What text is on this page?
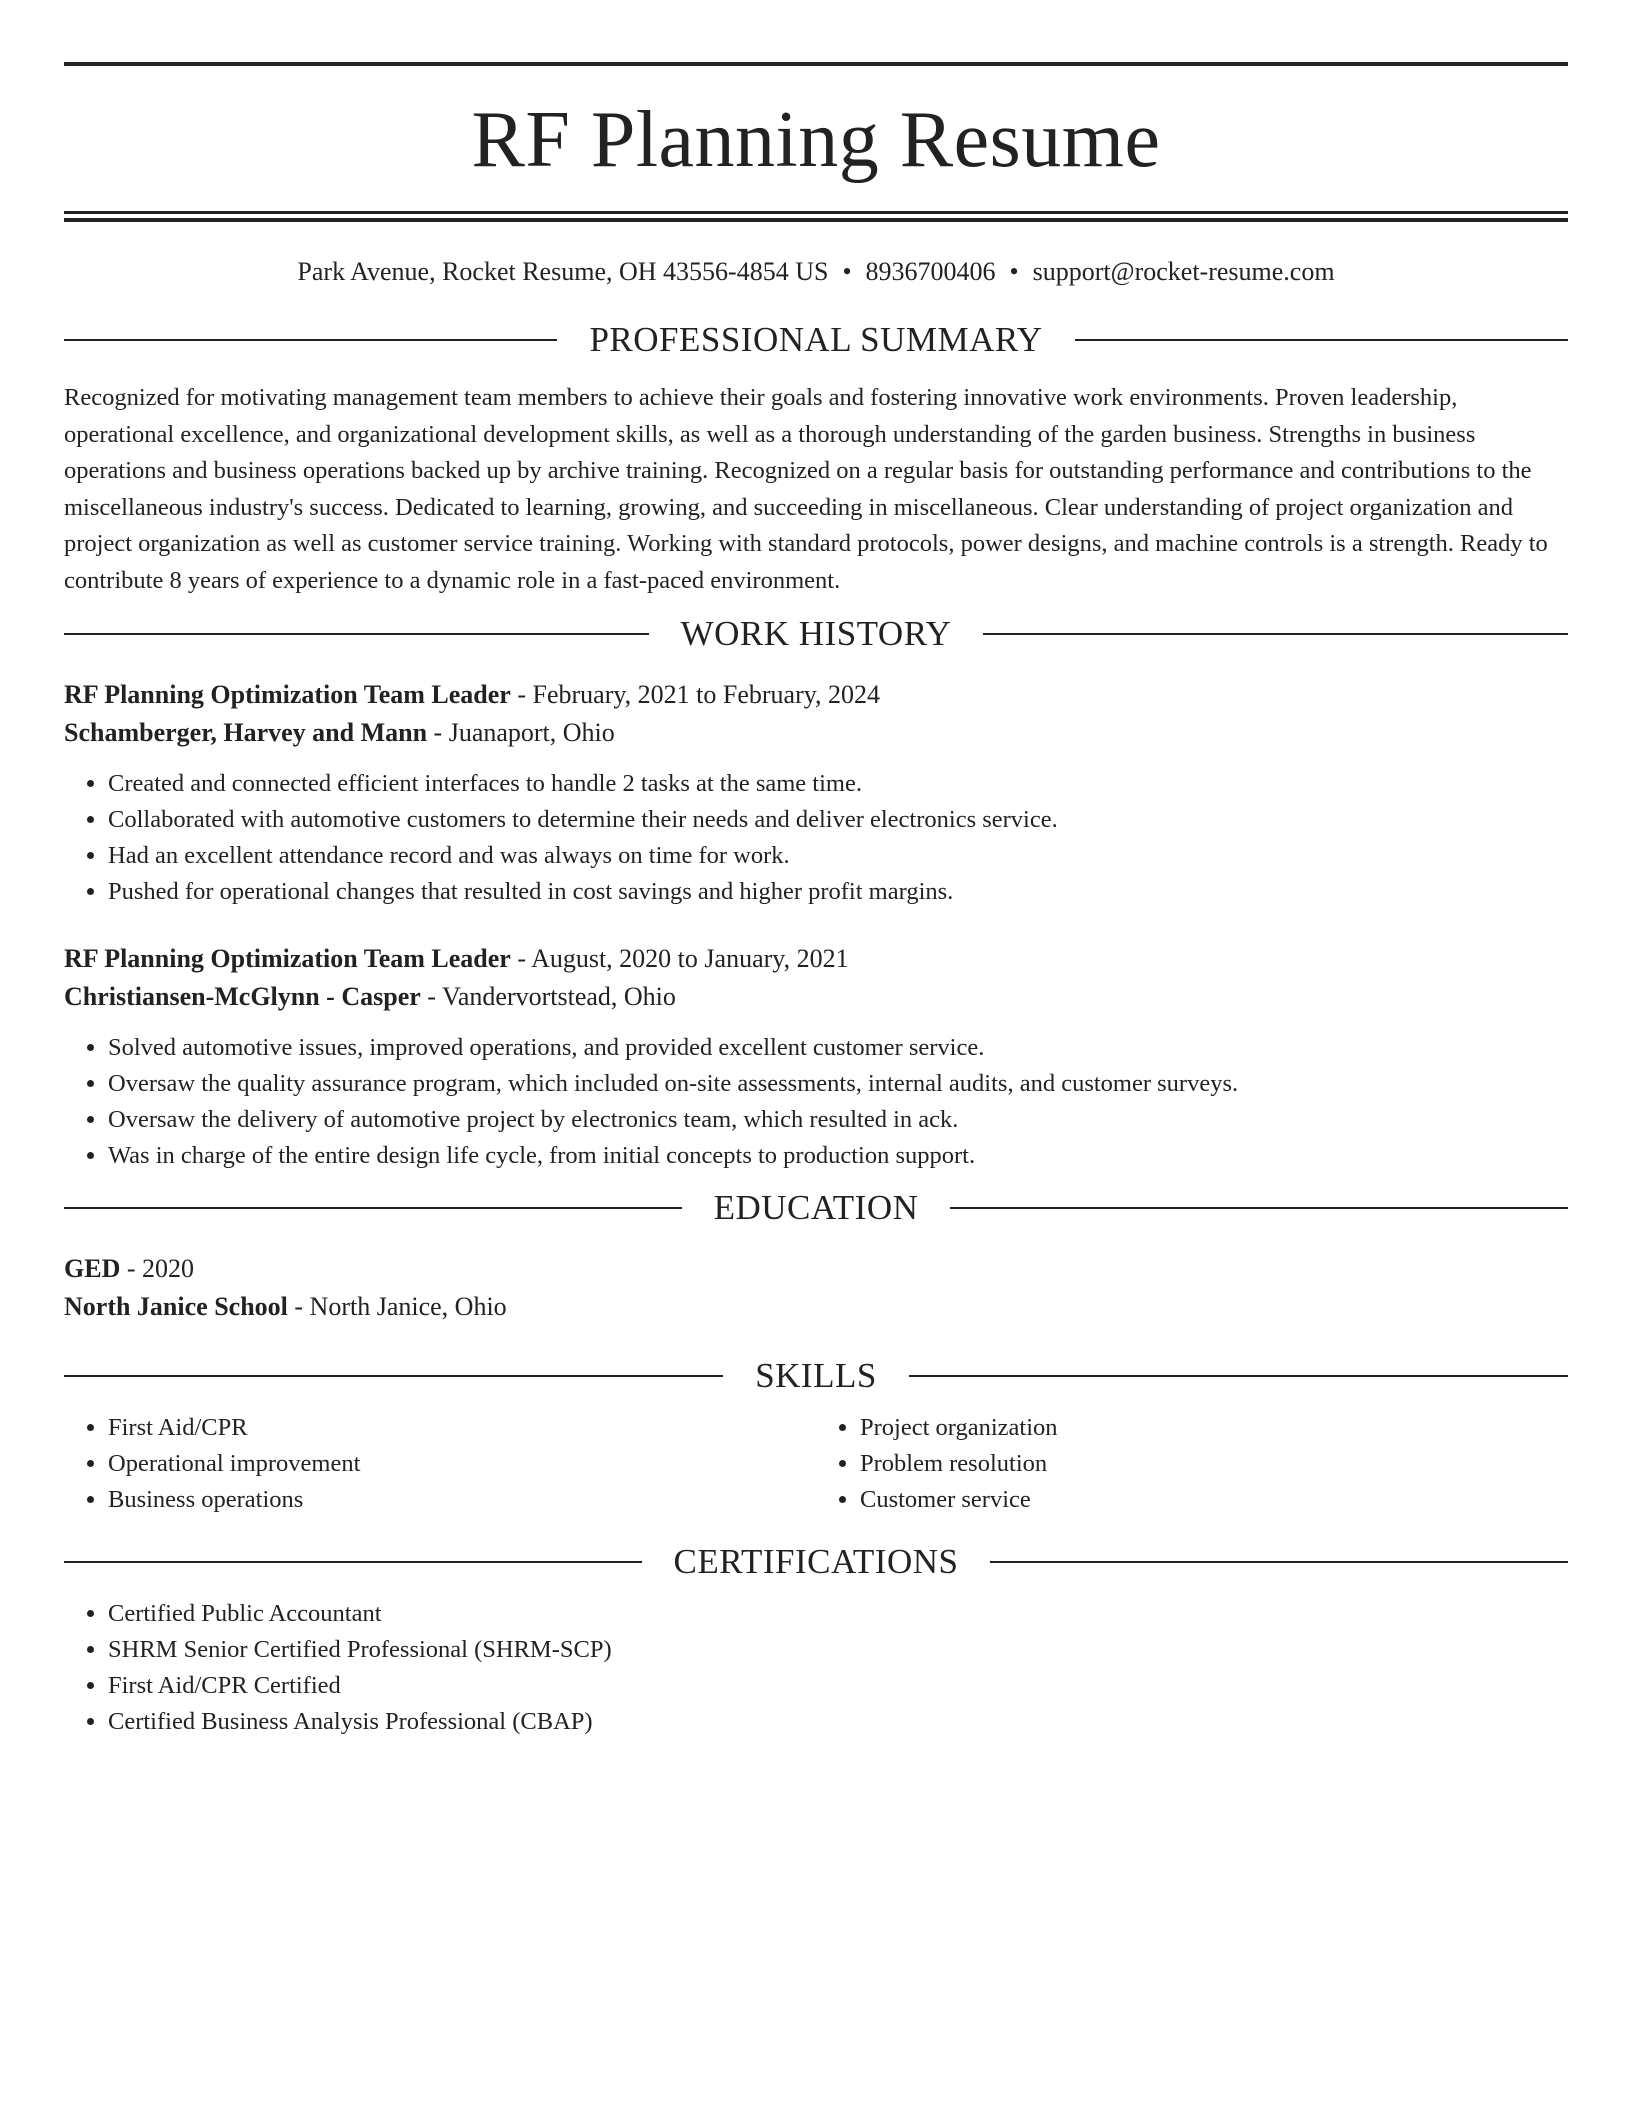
RF Planning Resume
Park Avenue, Rocket Resume, OH 43556-4854 US • 8936700406 • support@rocket-resume.com
PROFESSIONAL SUMMARY

Recognized for motivating management team members to achieve their goals and fostering innovative work environments. Proven leadership, operational excellence, and organizational development skills, as well as a thorough understanding of the garden business. Strengths in business operations and business operations backed up by archive training. Recognized on a regular basis for outstanding performance and contributions to the miscellaneous industry's success. Dedicated to learning, growing, and succeeding in miscellaneous. Clear understanding of project organization and project organization as well as customer service training. Working with standard protocols, power designs, and machine controls is a strength. Ready to contribute 8 years of experience to a dynamic role in a fast-paced environment.

WORK HISTORY
RF Planning Optimization Team Leader - February, 2021 to February, 2024
Schamberger, Harvey and Mann - Juanaport, Ohio
• Created and connected efficient interfaces to handle 2 tasks at the same time.
• Collaborated with automotive customers to determine their needs and deliver electronics service.
• Had an excellent attendance record and was always on time for work.
• Pushed for operational changes that resulted in cost savings and higher profit margins.
RF Planning Optimization Team Leader - August, 2020 to January, 2021
Christiansen-McGlynn - Casper - Vandervortstead, Ohio
• Solved automotive issues, improved operations, and provided excellent customer service.
• Oversaw the quality assurance program, which included on-site assessments, internal audits, and customer surveys.
• Oversaw the delivery of automotive project by electronics team, which resulted in ack.
• Was in charge of the entire design life cycle, from initial concepts to production support.
EDUCATION
GED - 2020
North Janice School - North Janice, Ohio
SKILLS
• First Aid/CPR
• Operational improvement
• Business operations
• Project organization
• Problem resolution
• Customer service
CERTIFICATIONS
• Certified Public Accountant
• SHRM Senior Certified Professional (SHRM-SCP)
• First Aid/CPR Certified
• Certified Business Analysis Professional (CBAP)
